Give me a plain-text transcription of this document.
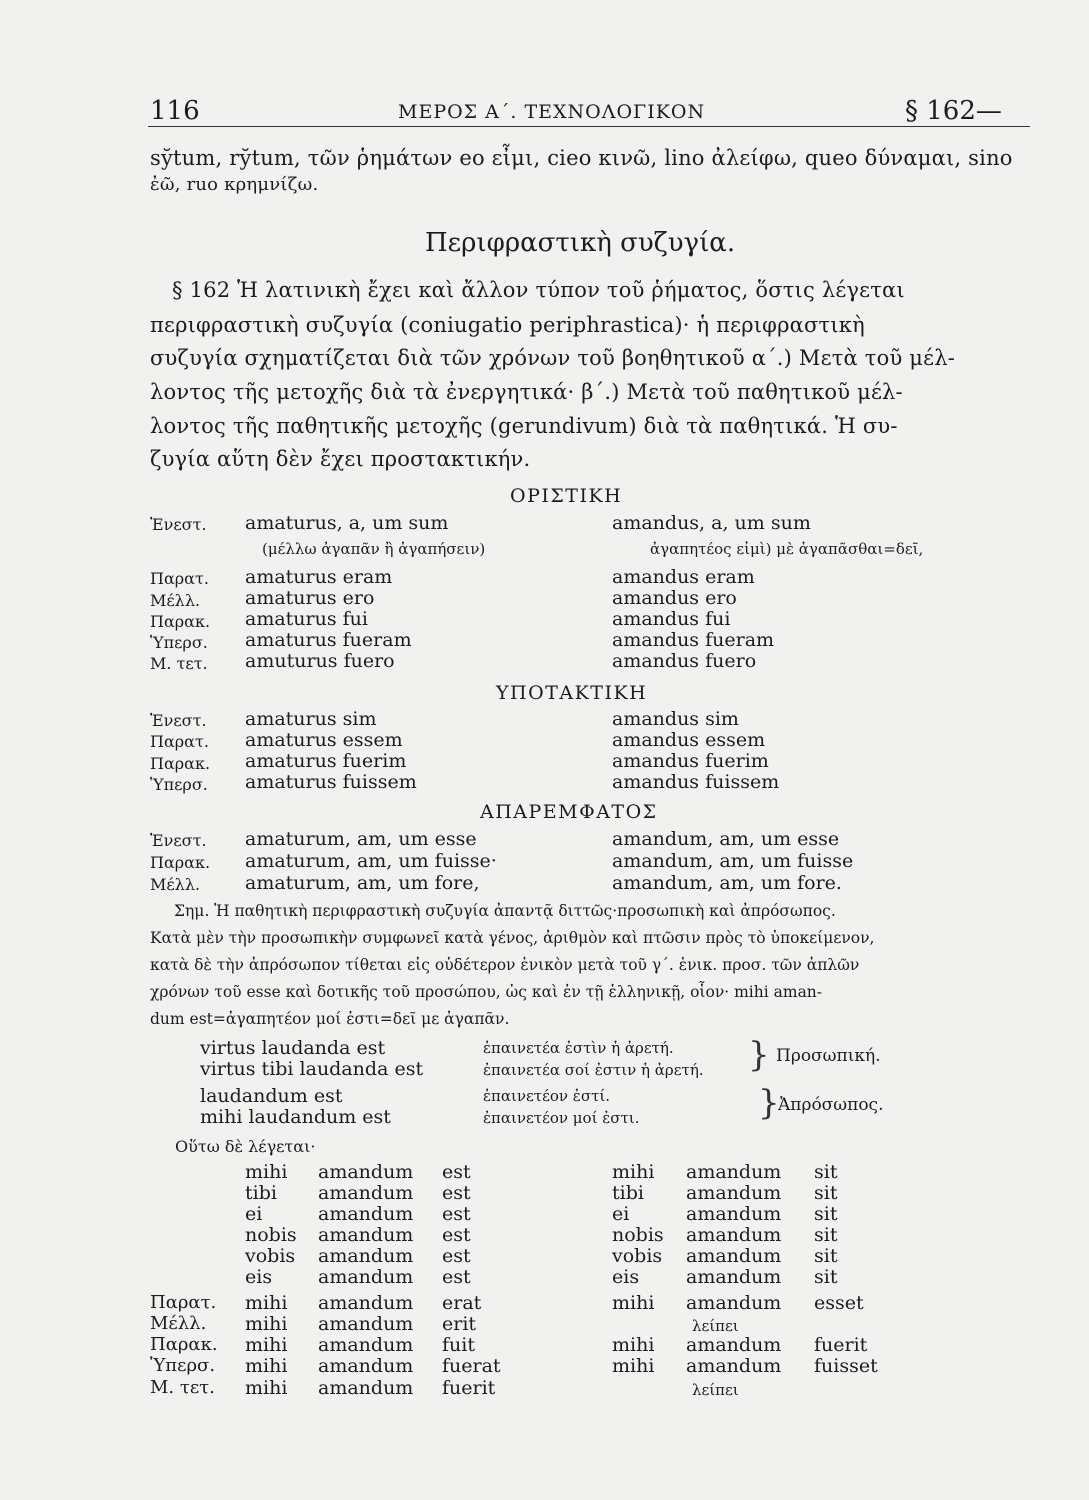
116	ΜΕΡΟΣ Α΄. ΤΕΧΝΟΛΟΓΙΚΟΝ	§ 162—
sy̆tum, ry̆tum, τῶν ῥημάτων eo εἶμι, cieo κινῶ, lino ἀλείφω, queo δύναμαι, sino
ἐῶ, ruo κρημνίζω.
Περιφραστικὴ συζυγία.
§ 162 Ἡ λατινικὴ ἔχει καὶ ἄλλον τύπον τοῦ ῥήματος, ὅστις λέγεται
περιφραστικὴ συζυγία (coniugatio periphrastica)· ἡ περιφραστικὴ
συζυγία σχηματίζεται διὰ τῶν χρόνων τοῦ βοηθητικοῦ α΄.) Μετὰ τοῦ μέλ-
λοντος τῆς μετοχῆς διὰ τὰ ἐνεργητικά· β΄.) Μετὰ τοῦ παθητικοῦ μέλ-
λοντος τῆς παθητικῆς μετοχῆς (gerundivum) διὰ τὰ παθητικά. Ἡ συ-
ζυγία αὕτη δὲν ἔχει προστακτικήν.
ΟΡΙΣΤΙΚΗ
Ἐνεστ. amaturus, a, um sum	amandus, a, um sum
(μέλλω ἀγαπᾶν ἢ ἀγαπήσειν)	ἀγαπητέος εἰμὶ) μὲ ἀγαπᾶσθαι=δεῖ,
Παρατ. amaturus eram	amandus eram
Μέλλ. amaturus ero	amandus ero
Παρακ. amaturus fui	amandus fui
Ὑπερσ. amaturus fueram	amandus fueram
Μ. τετ. amuturus fuero	amandus fuero
ΥΠΟΤΑΚΤΙΚΗ
Ἐνεστ. amaturus sim	amandus sim
Παρατ. amaturus essem	amandus essem
Παρακ. amaturus fuerim	amandus fuerim
Ὑπερσ. amaturus fuissem	amandus fuissem
ΑΠΑΡΕΜΦΑΤΟΣ
Ἐνεστ. amaturum, am, um esse	amandum, am, um esse
Παρακ. amaturum, am, um fuisse·	amandum, am, um fuisse
Μέλλ. amaturum, am, um fore,	amandum, am, um fore.
Σημ. Ἡ παθητικὴ περιφραστικὴ συζυγία ἀπαντᾷ διττῶς·προσωπικὴ καὶ ἀπρόσωπος.
Κατὰ μὲν τὴν προσωπικὴν συμφωνεῖ κατὰ γένος, ἀριθμὸν καὶ πτῶσιν πρὸς τὸ ὑποκείμενον,
κατὰ δὲ τὴν ἀπρόσωπον τίθεται εἰς οὐδέτερον ἑνικὸν μετὰ τοῦ γ΄. ἑνικ. προσ. τῶν ἁπλῶν
χρόνων τοῦ esse καὶ δοτικῆς τοῦ προσώπου, ὡς καὶ ἐν τῇ ἑλληνικῇ, οἷον· mihi aman-
dum est=ἀγαπητέον μοί ἐστι=δεῖ με ἀγαπᾶν.
virtus laudanda est	ἐπαινετέα ἐστὶν ἡ ἀρετή.
virtus tibi laudanda est	ἐπαινετέα σοί ἐστιν ἡ ἀρετή. } Προσωπική.
laudandum est	ἐπαινετέον ἐστί.
mihi laudandum est	ἐπαινετέον μοί ἐστι.	}
Ἀπρόσωπος.
Οὕτω δὲ λέγεται·
mihi amandum est	mihi amandum sit
tibi amandum est	tibi amandum sit
ei	amandum est	ei	amandum sit
nobis amandum est	nobis amandum sit
vobis amandum est	vobis amandum sit
eis amandum est	eis amandum sit
Παρατ. mihi amandum erat	mihi amandum esset
Μέλλ. mihi amandum erit	λείπει
Παρακ. mihi amandum fuit	mihi amandum fuerit
Ὑπερσ. mihi amandum fuerat	mihi amandum fuisset
Μ. τετ. mihi amandum fuerit	λείπει
